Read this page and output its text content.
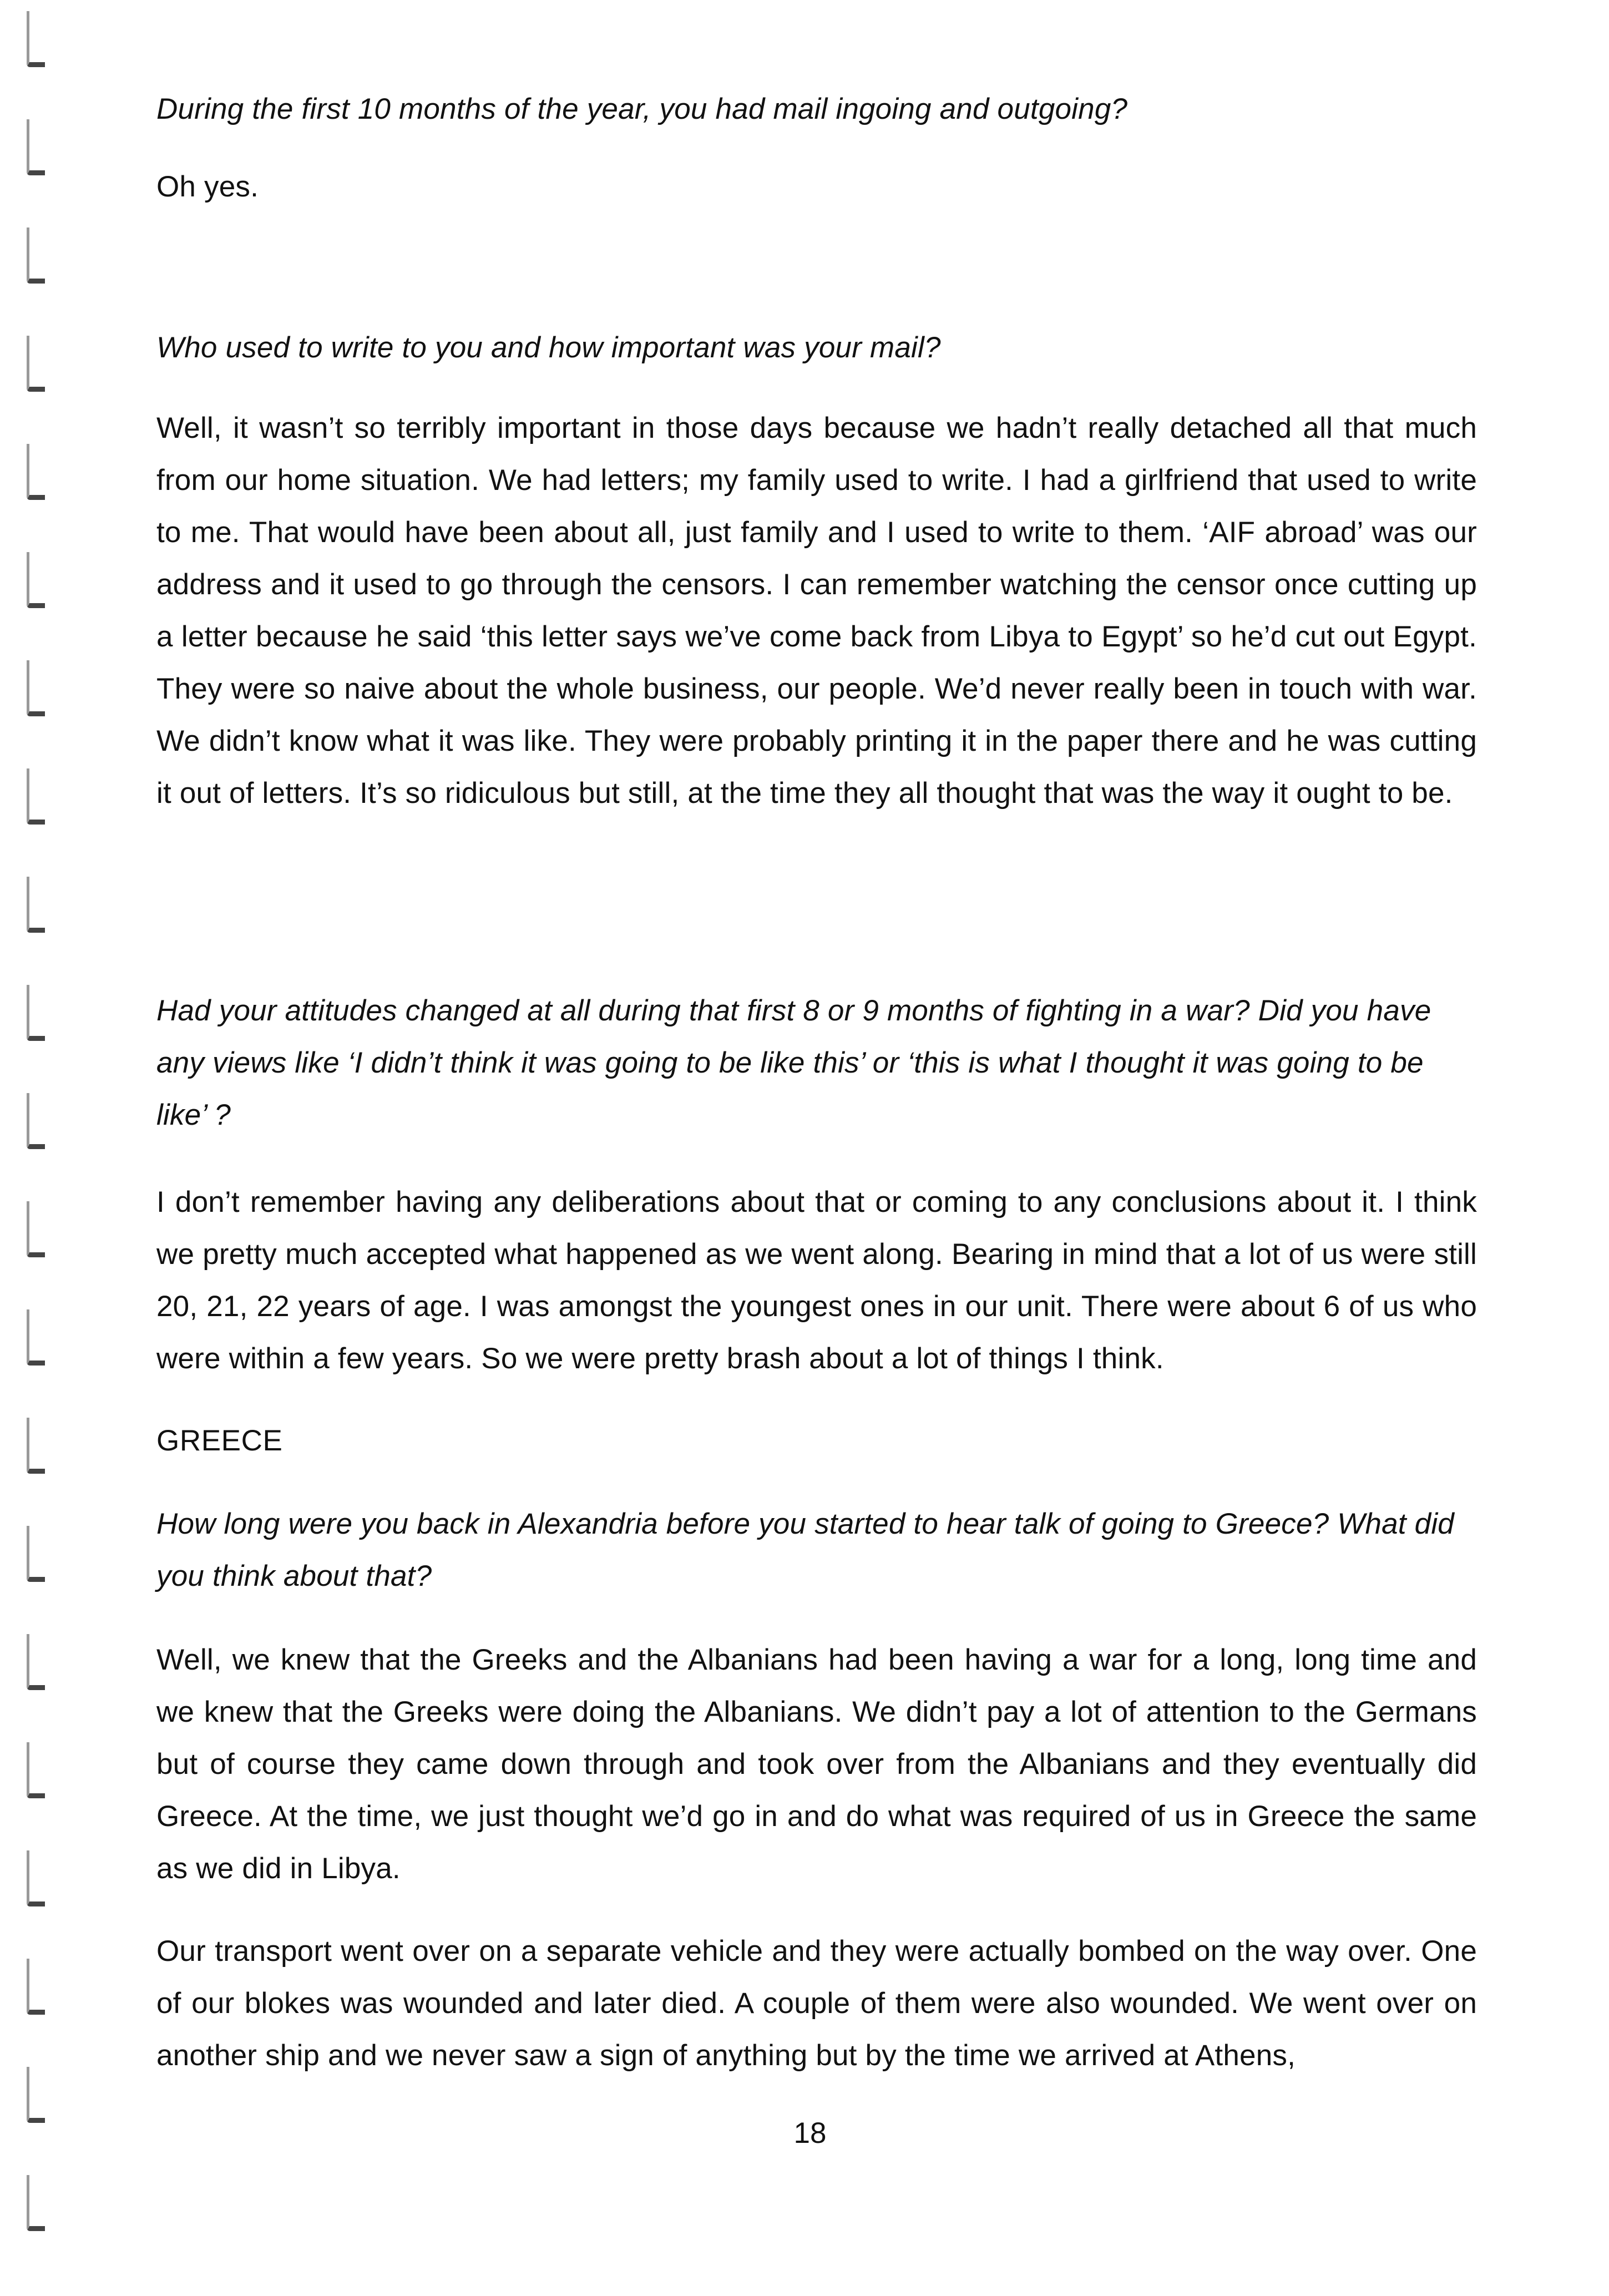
During the first 10 months of the year, you had mail ingoing and outgoing?

Oh yes.

Who used to write to you and how important was your mail?

Well, it wasn’t so terribly important in those days because we hadn’t really detached all that much from our home situation. We had letters; my family used to write. I had a girlfriend that used to write to me. That would have been about all, just family and I used to write to them. ‘AIF abroad’ was our address and it used to go through the censors. I can remember watching the censor once cutting up a letter because he said ‘this letter says we’ve come back from Libya to Egypt’ so he’d cut out Egypt. They were so naive about the whole business, our people. We’d never really been in touch with war. We didn’t know what it was like. They were probably printing it in the paper there and he was cutting it out of letters. It’s so ridiculous but still, at the time they all thought that was the way it ought to be.

Had your attitudes changed at all during that first 8 or 9 months of fighting in a war? Did you have any views like ‘I didn’t think it was going to be like this’ or ‘this is what I thought it was going to be like’ ?

I don’t remember having any deliberations about that or coming to any conclusions about it. I think we pretty much accepted what happened as we went along. Bearing in mind that a lot of us were still 20, 21, 22 years of age. I was amongst the youngest ones in our unit. There were about 6 of us who were within a few years. So we were pretty brash about a lot of things I think.

GREECE

How long were you back in Alexandria before you started to hear talk of going to Greece? What did you think about that?

Well, we knew that the Greeks and the Albanians had been having a war for a long, long time and we knew that the Greeks were doing the Albanians. We didn’t pay a lot of attention to the Germans but of course they came down through and took over from the Albanians and they eventually did Greece. At the time, we just thought we’d go in and do what was required of us in Greece the same as we did in Libya.

Our transport went over on a separate vehicle and they were actually bombed on the way over. One of our blokes was wounded and later died. A couple of them were also wounded. We went over on another ship and we never saw a sign of anything but by the time we arrived at Athens,

18
